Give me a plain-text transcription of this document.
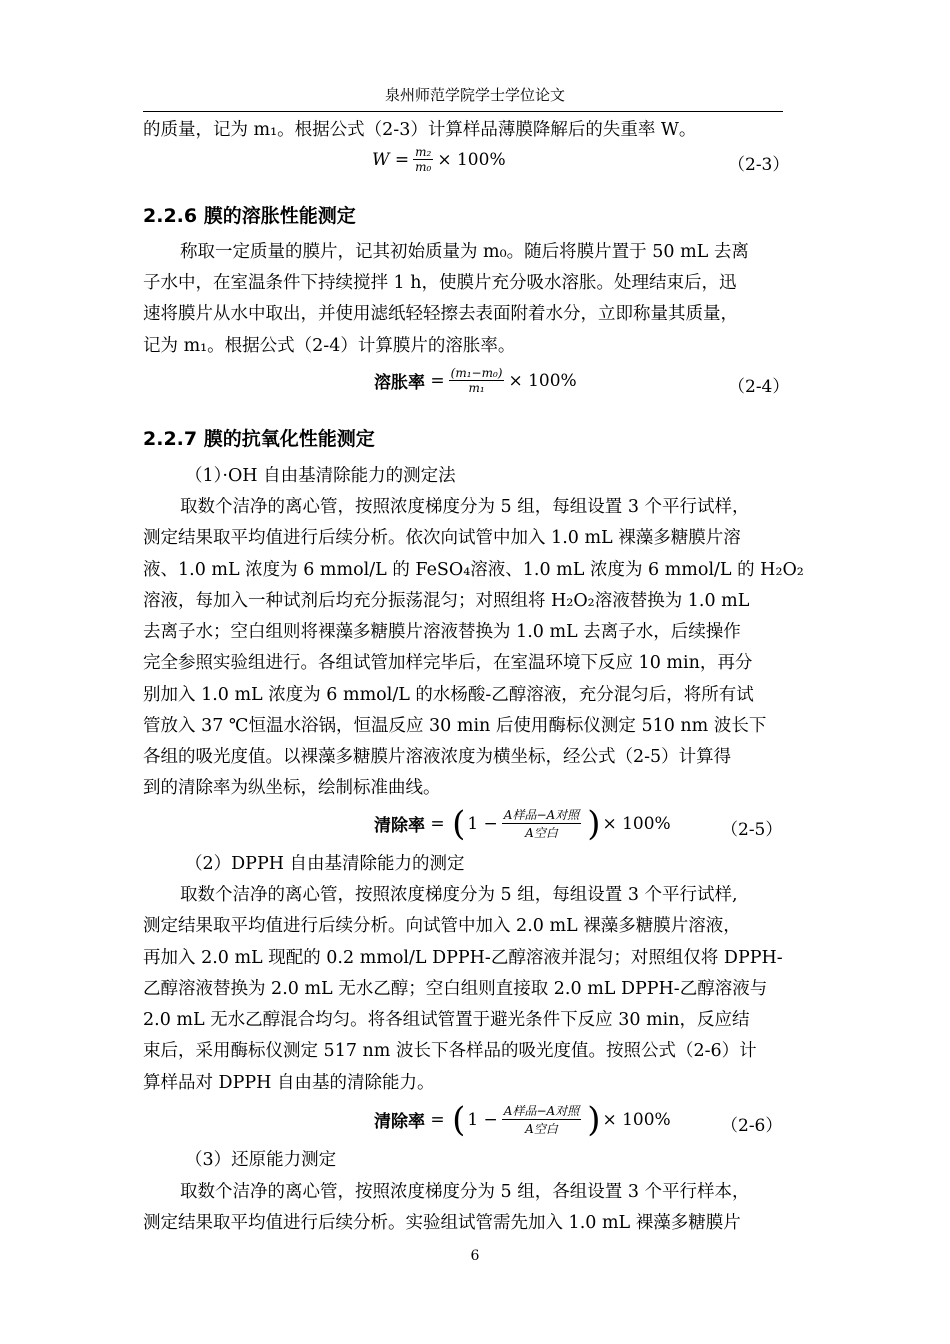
泉州师范学院学士学位论文
的质量，记为 m₁。根据公式（2-3）计算样品薄膜降解后的失重率 W。
W
= $\frac{\text{m₂}}{\text{m₀}} \times 100\%$	（2-3）
2.2.6 膜的溶胀性能测定
称取一定质量的膜片，记其初始质量为 m₀。随后将膜片置于 50 mL 去离
子水中，在室温条件下持续搅拌 1 h，使膜片充分吸水溶胀。处理结束后，迅
速将膜片从水中取出，并使用滤纸轻轻擦去表面附着水分，立即称量其质量，
记为 m₁。根据公式（2-4）计算膜片的溶胀率。
溶胀率
= $\frac{\text{(m₁−m₀)}}{\text{m₁}} \times 100\%$	（2-4）
2.2.7 膜的抗氧化性能测定
（1）·OH 自由基清除能力的测定法
取数个洁净的离心管，按照浓度梯度分为 5 组，每组设置 3 个平行试样，
测定结果取平均值进行后续分析。依次向试管中加入 1.0 mL 裸藻多糖膜片溶
液、1.0 mL 浓度为 6 mmol/L 的 FeSO₄溶液、1.0 mL 浓度为 6 mmol/L 的 H₂O₂
溶液，每加入一种试剂后均充分振荡混匀；对照组将 H₂O₂溶液替换为 1.0 mL
去离子水；空白组则将裸藻多糖膜片溶液替换为 1.0 mL 去离子水，后续操作
完全参照实验组进行。各组试管加样完毕后，在室温环境下反应 10 min，再分
别加入 1.0 mL 浓度为 6 mmol/L 的水杨酸-乙醇溶液，充分混匀后，将所有试
管放入 37 ℃恒温水浴锅，恒温反应 30 min 后使用酶标仪测定 510 nm 波长下
各组的吸光度值。以裸藻多糖膜片溶液浓度为横坐标，经公式（2-5）计算得
到的清除率为纵坐标，绘制标准曲线。
清除率
=
( $1 - \frac{\text{A样品−A对照}}{\text{A空白}}$ ) × 100%	（2-5）
（2）DPPH 自由基清除能力的测定
取数个洁净的离心管，按照浓度梯度分为 5 组，每组设置 3 个平行试样,
测定结果取平均值进行后续分析。向试管中加入 2.0 mL 裸藻多糖膜片溶液，
再加入 2.0 mL 现配的 0.2 mmol/L DPPH-乙醇溶液并混匀；对照组仅将 DPPH-
乙醇溶液替换为 2.0 mL 无水乙醇；空白组则直接取 2.0 mL DPPH-乙醇溶液与
2.0 mL 无水乙醇混合均匀。将各组试管置于避光条件下反应 30 min，反应结
束后，采用酶标仪测定 517 nm 波长下各样品的吸光度值。按照公式（2-6）计
算样品对 DPPH 自由基的清除能力。
清除率
=
( $1 - \frac{\text{A样品−A对照}}{\text{A空白}}$ ) × 100%	（2-6）
（3）还原能力测定
取数个洁净的离心管，按照浓度梯度分为 5 组，各组设置 3 个平行样本，
测定结果取平均值进行后续分析。实验组试管需先加入 1.0 mL 裸藻多糖膜片
6
